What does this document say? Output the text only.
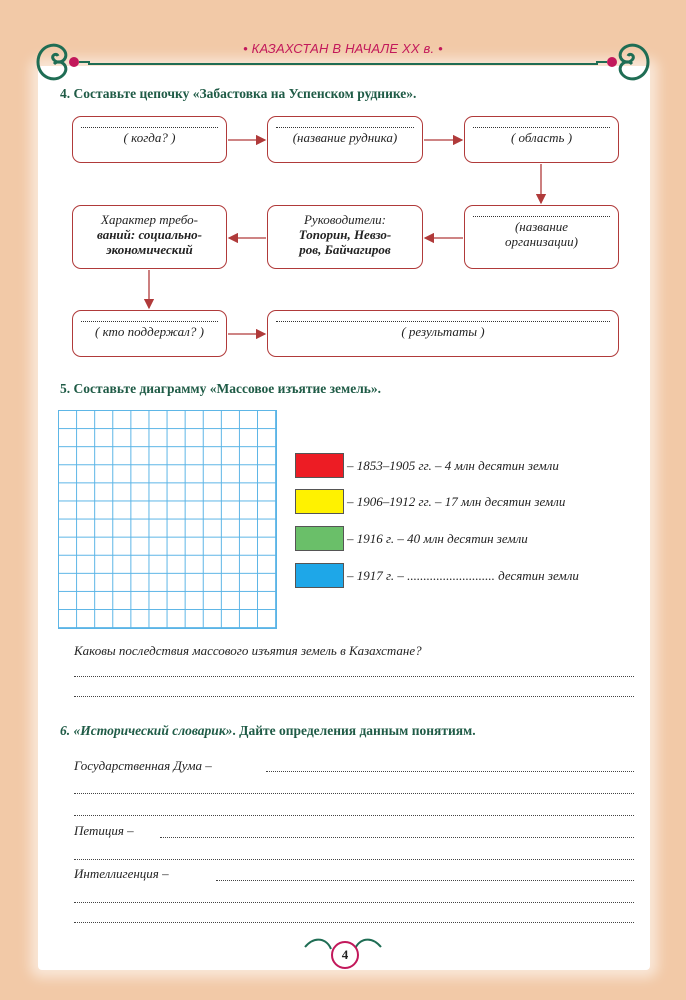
• КАЗАХСТАН В НАЧАЛЕ XX в. •
4. Составьте цепочку «Забастовка на Успенском руднике».
( когда? )	(название рудника)	( область )
(название
организации)
Руководители:
Топорин, Невзо-
ров, Байчагиров
Характер требо-
ваний: социально-
экономический
( кто поддержал? )	( результаты )
5. Составьте диаграмму «Массовое изъятие земель».
– 1853–1905 гг. – 4 млн десятин земли
– 1906–1912 гг. – 17 млн десятин земли
– 1916 г. – 40 млн десятин земли
– 1917 г. – ........................... десятин земли
Каковы последствия массового изъятия земель в Казахстане?
6. «Исторический словарик». Дайте определения данным понятиям.
Государственная Дума –
Петиция –
Интеллигенция –
4
